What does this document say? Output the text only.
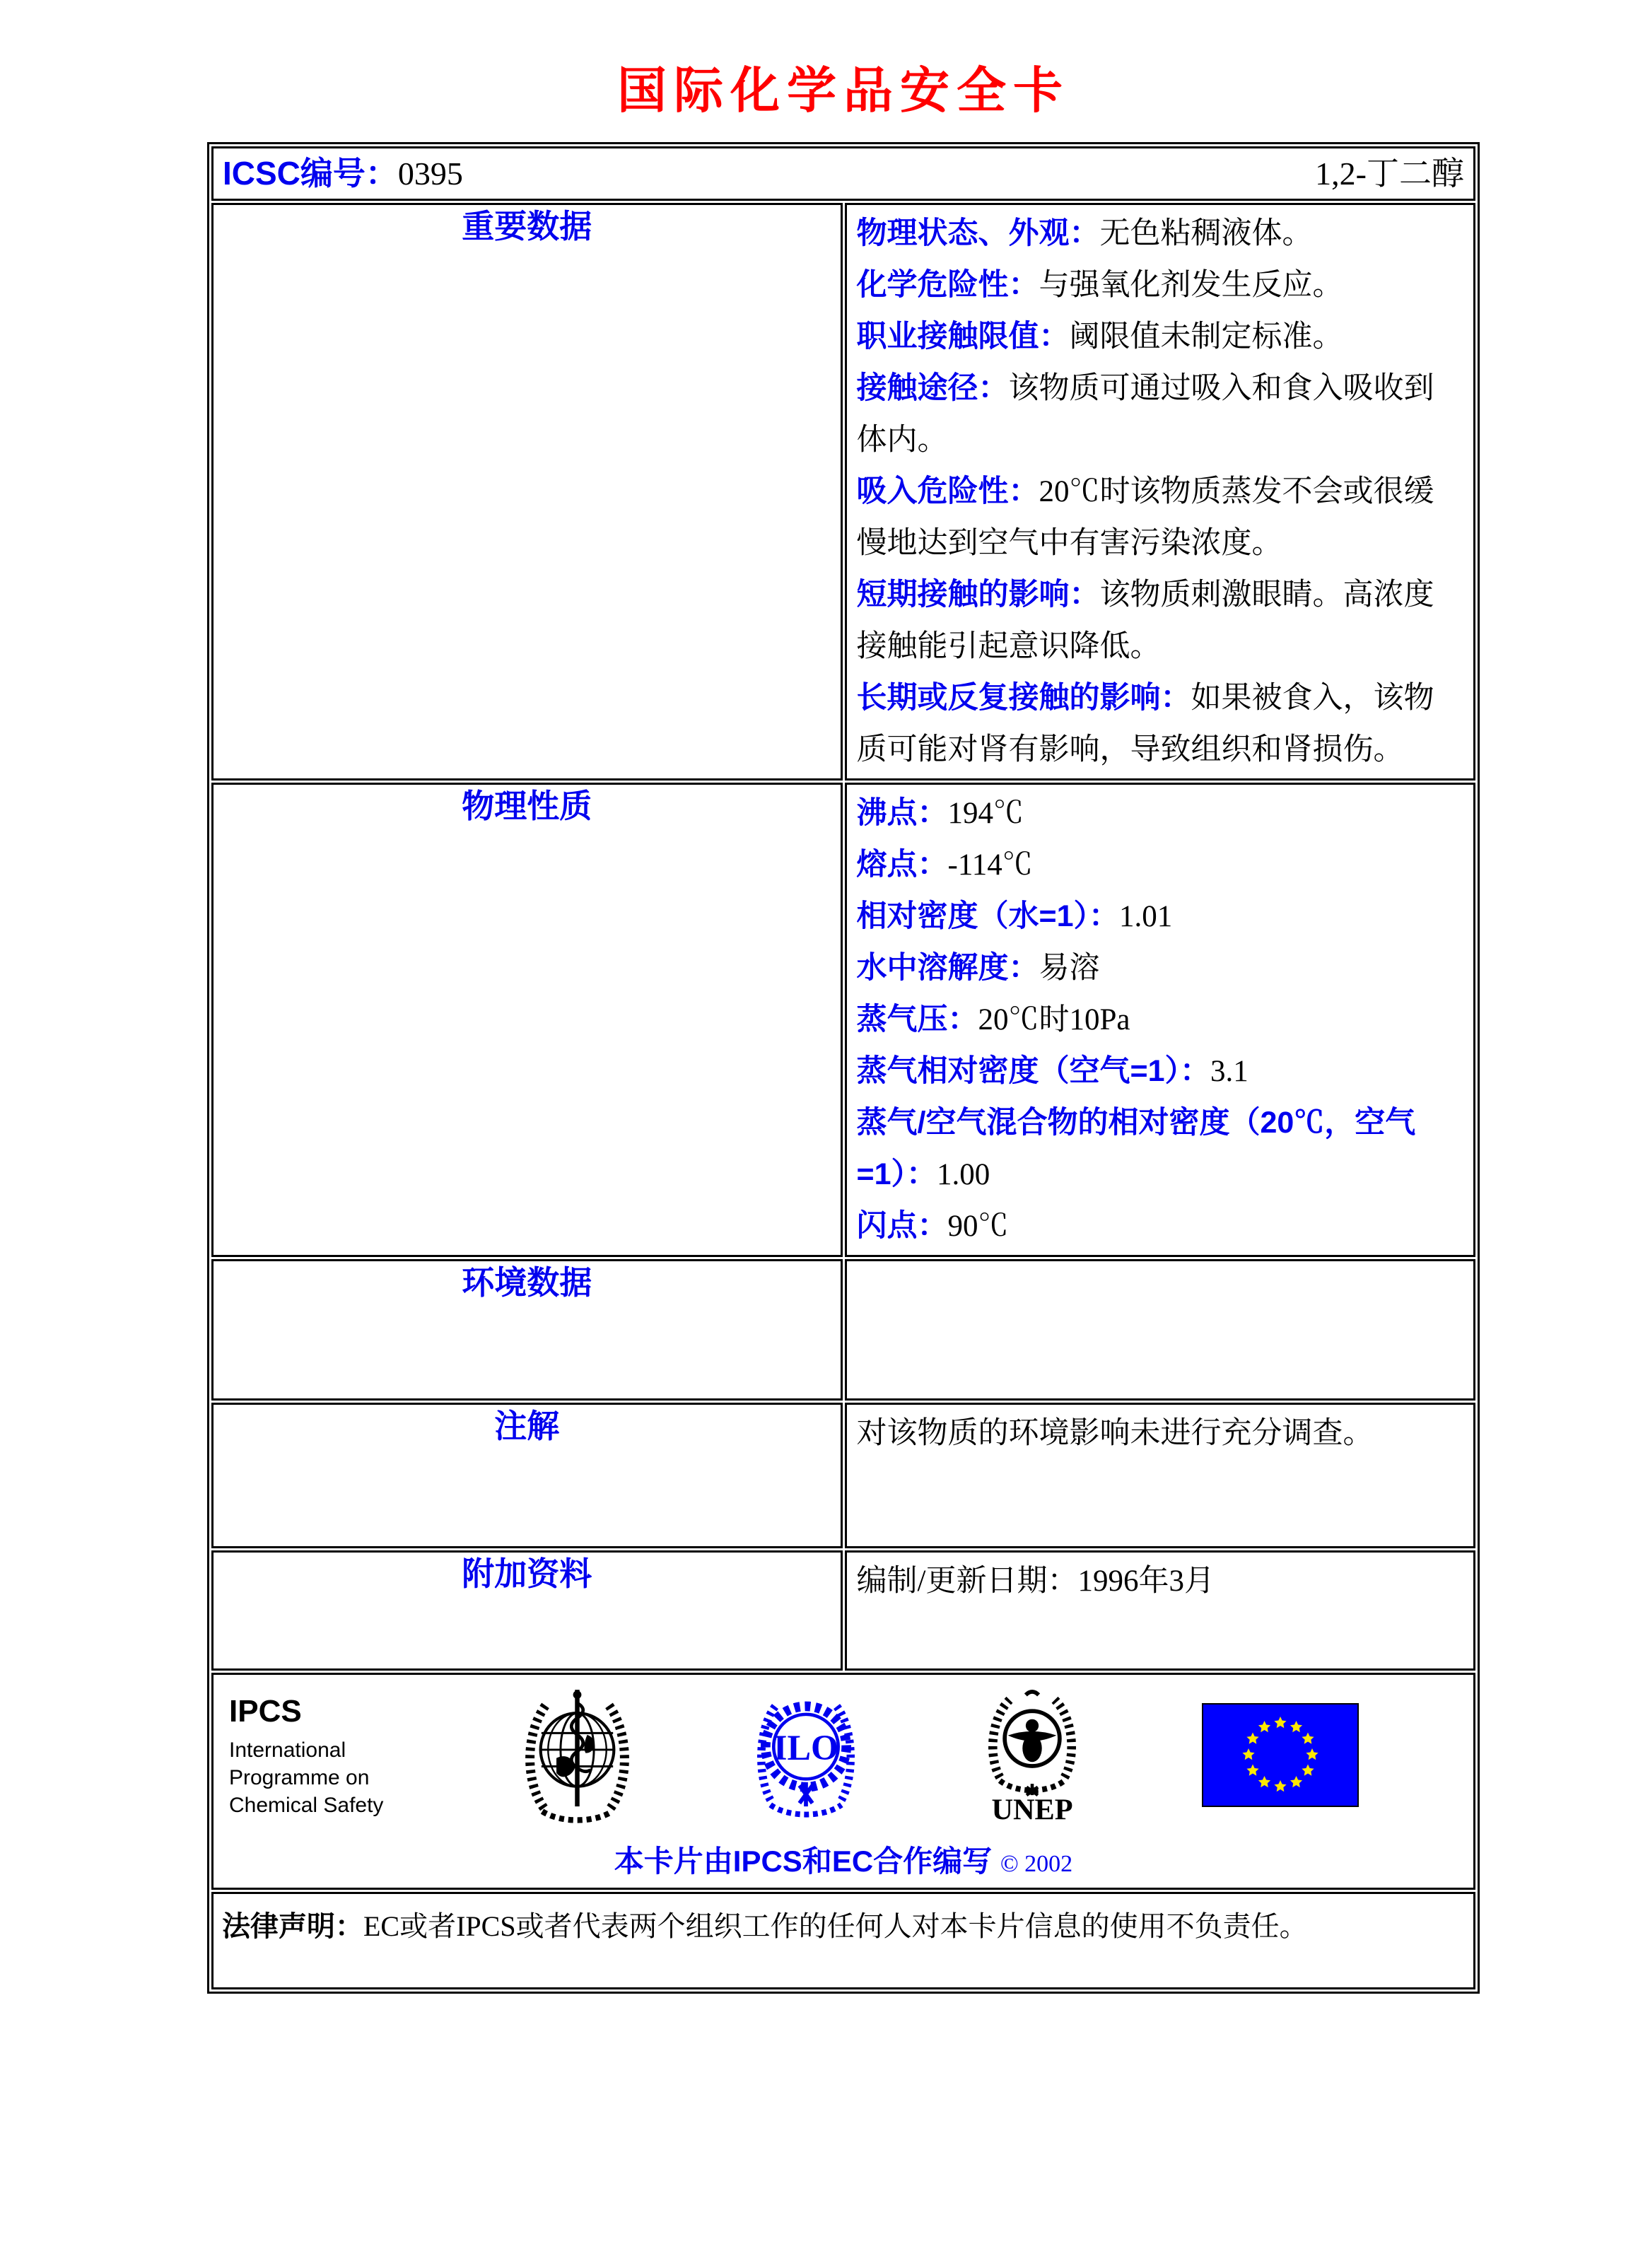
国际化学品安全卡
ICSC编号：0395 1,2-丁二醇	

重要数据	物理状态、外观：无色粘稠液体。
化学危险性：与强氧化剂发生反应。
职业接触限值：阈限值未制定标准。
接触途径：该物质可通过吸入和食入吸收到体内。
吸入危险性：20℃时该物质蒸发不会或很缓慢地达到空气中有害污染浓度。
短期接触的影响：该物质刺激眼睛。高浓度接触能引起意识降低。
长期或反复接触的影响：如果被食入，该物质可能对肾有影响，导致组织和肾损伤。

物理性质	沸点：194℃
熔点：-114℃
相对密度（水=1）：1.01
水中溶解度：易溶
蒸气压：20℃时10Pa
蒸气相对密度（空气=1）：3.1
蒸气/空气混合物的相对密度（20℃，空气=1）：1.00
闪点：90℃

环境数据	
注解	对该物质的环境影响未进行充分调查。

附加资料	编制/更新日期：1996年3月

IPCS
International
Programme on
Chemical Safety
ILO
UNEP
本卡片由IPCS和EC合作编写 © 2002

法律声明：EC或者IPCS或者代表两个组织工作的任何人对本卡片信息的使用不负责任。	
